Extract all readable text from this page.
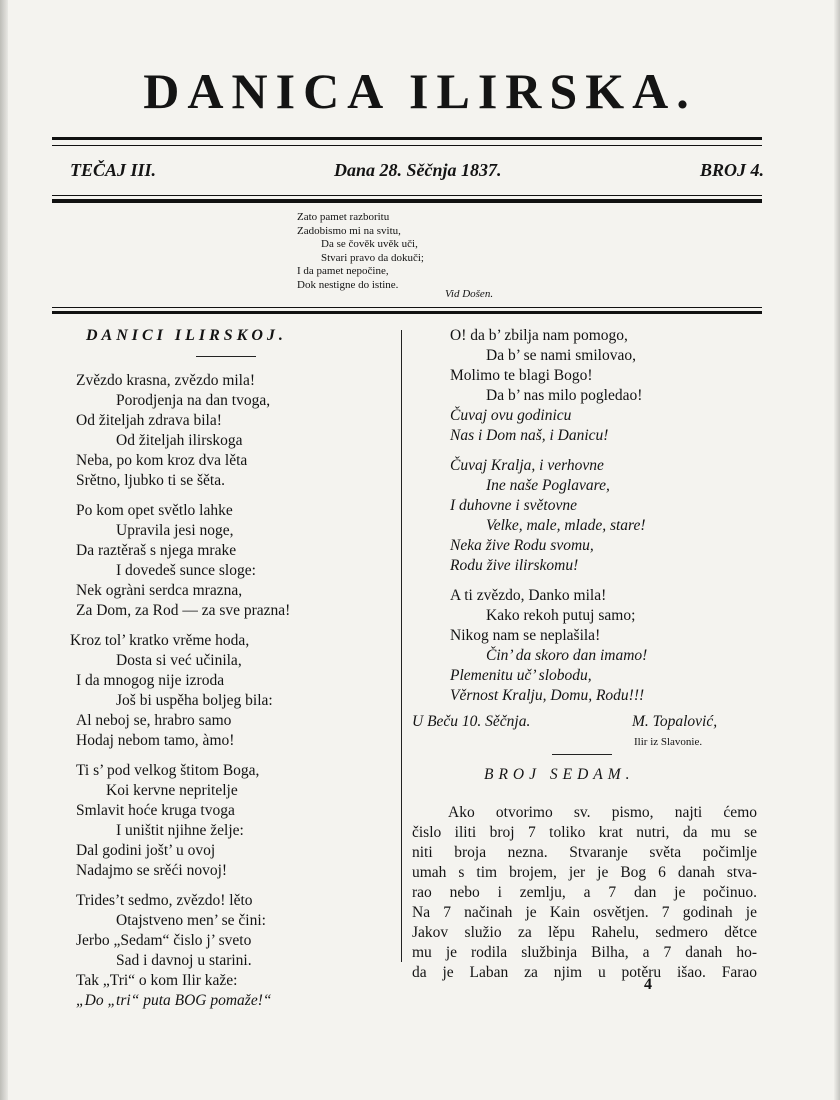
DANICA ILIRSKA.
TEČAJ III.	Dana 28. Sěčnja 1837.	BROJ 4.
Zato pamet razboritu
Zadobismo mi na svitu,
Da se čověk uvěk uči,
Stvari pravo da dokuči;
I da pamet nepočine,
Dok nestigne do istine.
Vid Došen.
DANICI ILIRSKOJ.
Zvězdo krasna, zvězdo mila!
Porodjenja na dan tvoga,
Od žiteljah zdrava bila!
Od žiteljah ilirskoga
Neba, po kom kroz dva lěta
Srětno, ljubko ti se šěta.
Po kom opet světlo lahke
Upravila jesi noge,
Da raztěraš s njega mrake
I dovedeš sunce sloge:
Nek ogràni serdca mrazna,
Za Dom, za Rod — za sve prazna!
Kroz tol’ kratko vrěme hoda,
Dosta si već učinila,
I da mnogog nije izroda
Još bi uspěha boljeg bila:
Al neboj se, hrabro samo
Hodaj nebom tamo, àmo!
Ti s’ pod velkog štitom Boga,
Koi kervne nepritelje
Smlavit hoće kruga tvoga
I uništit njihne želje:
Dal godini jošt’ u ovoj
Nadajmo se srěći novoj!
Trides’t sedmo, zvězdo! lěto
Otajstveno men’ se čini:
Jerbo „Sedam“ čislo j’ sveto
Sad i davnoj u starini.
Tak „Tri“ o kom Ilir kaže:
„Do „tri“ puta BOG pomaže!“
O! da b’ zbilja nam pomogo,
Da b’ se nami smilovao,
Molimo te blagi Bogo!
Da b’ nas milo pogledao!
Čuvaj ovu godinicu
Nas i Dom naš, i Danicu!
Čuvaj Kralja, i verhovne
Ine naše Poglavare,
I duhovne i světovne
Velke, male, mlade, stare!
Neka žive Rodu svomu,
Rodu žive ilirskomu!
A ti zvězdo, Danko mila!
Kako rekoh putuj samo;
Nikog nam se neplašila!
Čin’ da skoro dan imamo!
Plemenitu uč’ slobodu,
Věrnost Kralju, Domu, Rodu!!!
U Beču 10. Sěčnja.	M. Topalović,
Ilir iz Slavonie.
BROJ SEDAM.
Ako otvorimo sv. pismo, najti ćemo
čislo iliti broj 7 toliko krat nutri, da mu se
niti broja nezna. Stvaranje světa počimlje
umah s tim brojem, jer je Bog 6 danah stva-
rao nebo i zemlju, a 7 dan je počinuo.
Na 7 načinah je Kain osvětjen. 7 godinah je
Jakov služio za lěpu Rahelu, sedmero dětce
mu je rodila službinja Bilha, a 7 danah ho-
da je Laban za njim u potěru išao. Farao
4
